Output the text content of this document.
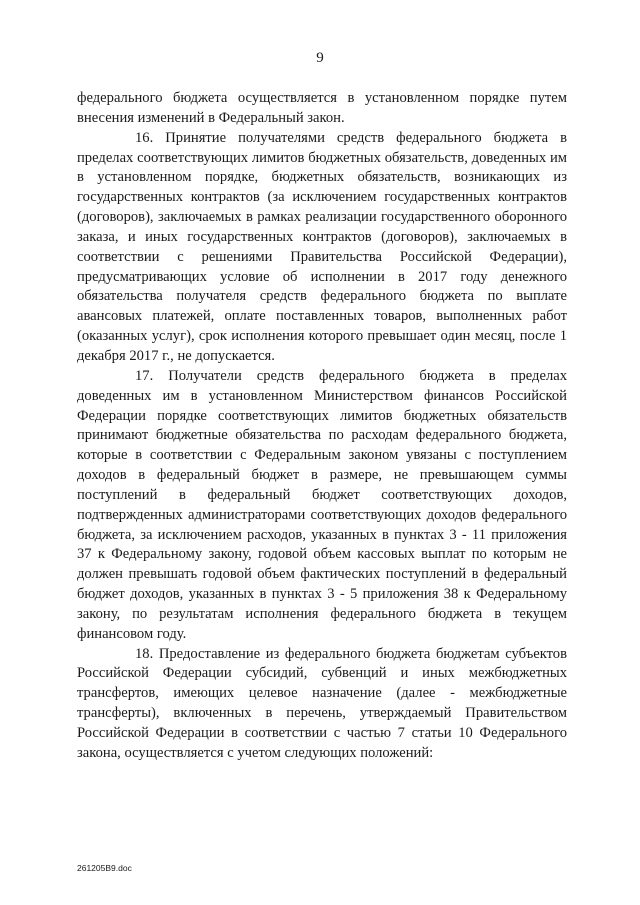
9

федерального бюджета осуществляется в установленном порядке путем внесения изменений в Федеральный закон.

16. Принятие получателями средств федерального бюджета в пределах соответствующих лимитов бюджетных обязательств, доведенных им в установленном порядке, бюджетных обязательств, возникающих из государственных контрактов (за исключением государственных контрактов (договоров), заключаемых в рамках реализации государственного оборонного заказа, и иных государственных контрактов (договоров), заключаемых в соответствии с решениями Правительства Российской Федерации), предусматривающих условие об исполнении в 2017 году денежного обязательства получателя средств федерального бюджета по выплате авансовых платежей, оплате поставленных товаров, выполненных работ (оказанных услуг), срок исполнения которого превышает один месяц, после 1 декабря 2017 г., не допускается.

17. Получатели средств федерального бюджета в пределах доведенных им в установленном Министерством финансов Российской Федерации порядке соответствующих лимитов бюджетных обязательств принимают бюджетные обязательства по расходам федерального бюджета, которые в соответствии с Федеральным законом увязаны с поступлением доходов в федеральный бюджет в размере, не превышающем суммы поступлений в федеральный бюджет соответствующих доходов, подтвержденных администраторами соответствующих доходов федерального бюджета, за исключением расходов, указанных в пунктах 3 - 11 приложения 37 к Федеральному закону, годовой объем кассовых выплат по которым не должен превышать годовой объем фактических поступлений в федеральный бюджет доходов, указанных в пунктах 3 - 5 приложения 38 к Федеральному закону, по результатам исполнения федерального бюджета в текущем финансовом году.

18. Предоставление из федерального бюджета бюджетам субъектов Российской Федерации субсидий, субвенций и иных межбюджетных трансфертов, имеющих целевое назначение (далее - межбюджетные трансферты), включенных в перечень, утверждаемый Правительством Российской Федерации в соответствии с частью 7 статьи 10 Федерального закона, осуществляется с учетом следующих положений:

261205В9.doc
